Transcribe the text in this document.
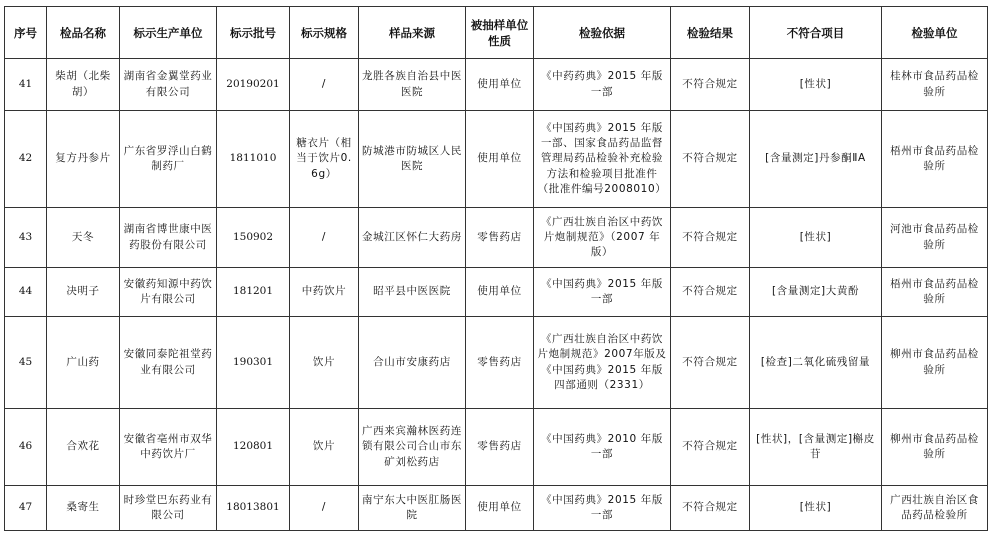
序号	检品名称	标示生产单位	标示批号	标示规格	样品来源	被抽样单位性质	检验依据	检验结果	不符合项目	检验单位
41	柴胡（北柴胡）	湖南省金翼堂药业有限公司	20190201	/	龙胜各族自治县中医医院	使用单位	《中药药典》2015 年版一部	不符合规定	[性状]	桂林市食品药品检验所
42	复方丹参片	广东省罗浮山白鹤制药厂	1811010	糖衣片（相当于饮片0.6g）	防城港市防城区人民医院	使用单位	《中国药典》2015 年版一部、国家食品药品监督管理局药品检验补充检验方法和检验项目批准件（批准件编号2008010）	不符合规定	[含量测定]丹参酮ⅡA	梧州市食品药品检验所
43	天冬	湖南省博世康中医药股份有限公司	150902	/	金城江区怀仁大药房	零售药店	《广西壮族自治区中药饮片炮制规范》（2007 年版）	不符合规定	[性状]	河池市食品药品检验所
44	决明子	安徽药知源中药饮片有限公司	181201	中药饮片	昭平县中医医院	使用单位	《中国药典》2015 年版一部	不符合规定	[含量测定]大黄酚	梧州市食品药品检验所
45	广山药	安徽同泰陀祖堂药业有限公司	190301	饮片	合山市安康药店	零售药店	《广西壮族自治区中药饮片炮制规范》2007年版及《中国药典》2015 年版四部通则（2331）	不符合规定	[检查]二氧化硫残留量	柳州市食品药品检验所
46	合欢花	安徽省亳州市双华中药饮片厂	120801	饮片	广西来宾瀚林医药连锁有限公司合山市东矿刘松药店	零售药店	《中国药典》2010 年版一部	不符合规定	[性状]，[含量测定]槲皮苷	柳州市食品药品检验所
47	桑寄生	时珍堂巴东药业有限公司	18013801	/	南宁东大中医肛肠医院	使用单位	《中国药典》2015 年版一部	不符合规定	[性状]	广西壮族自治区食品药品检验所
